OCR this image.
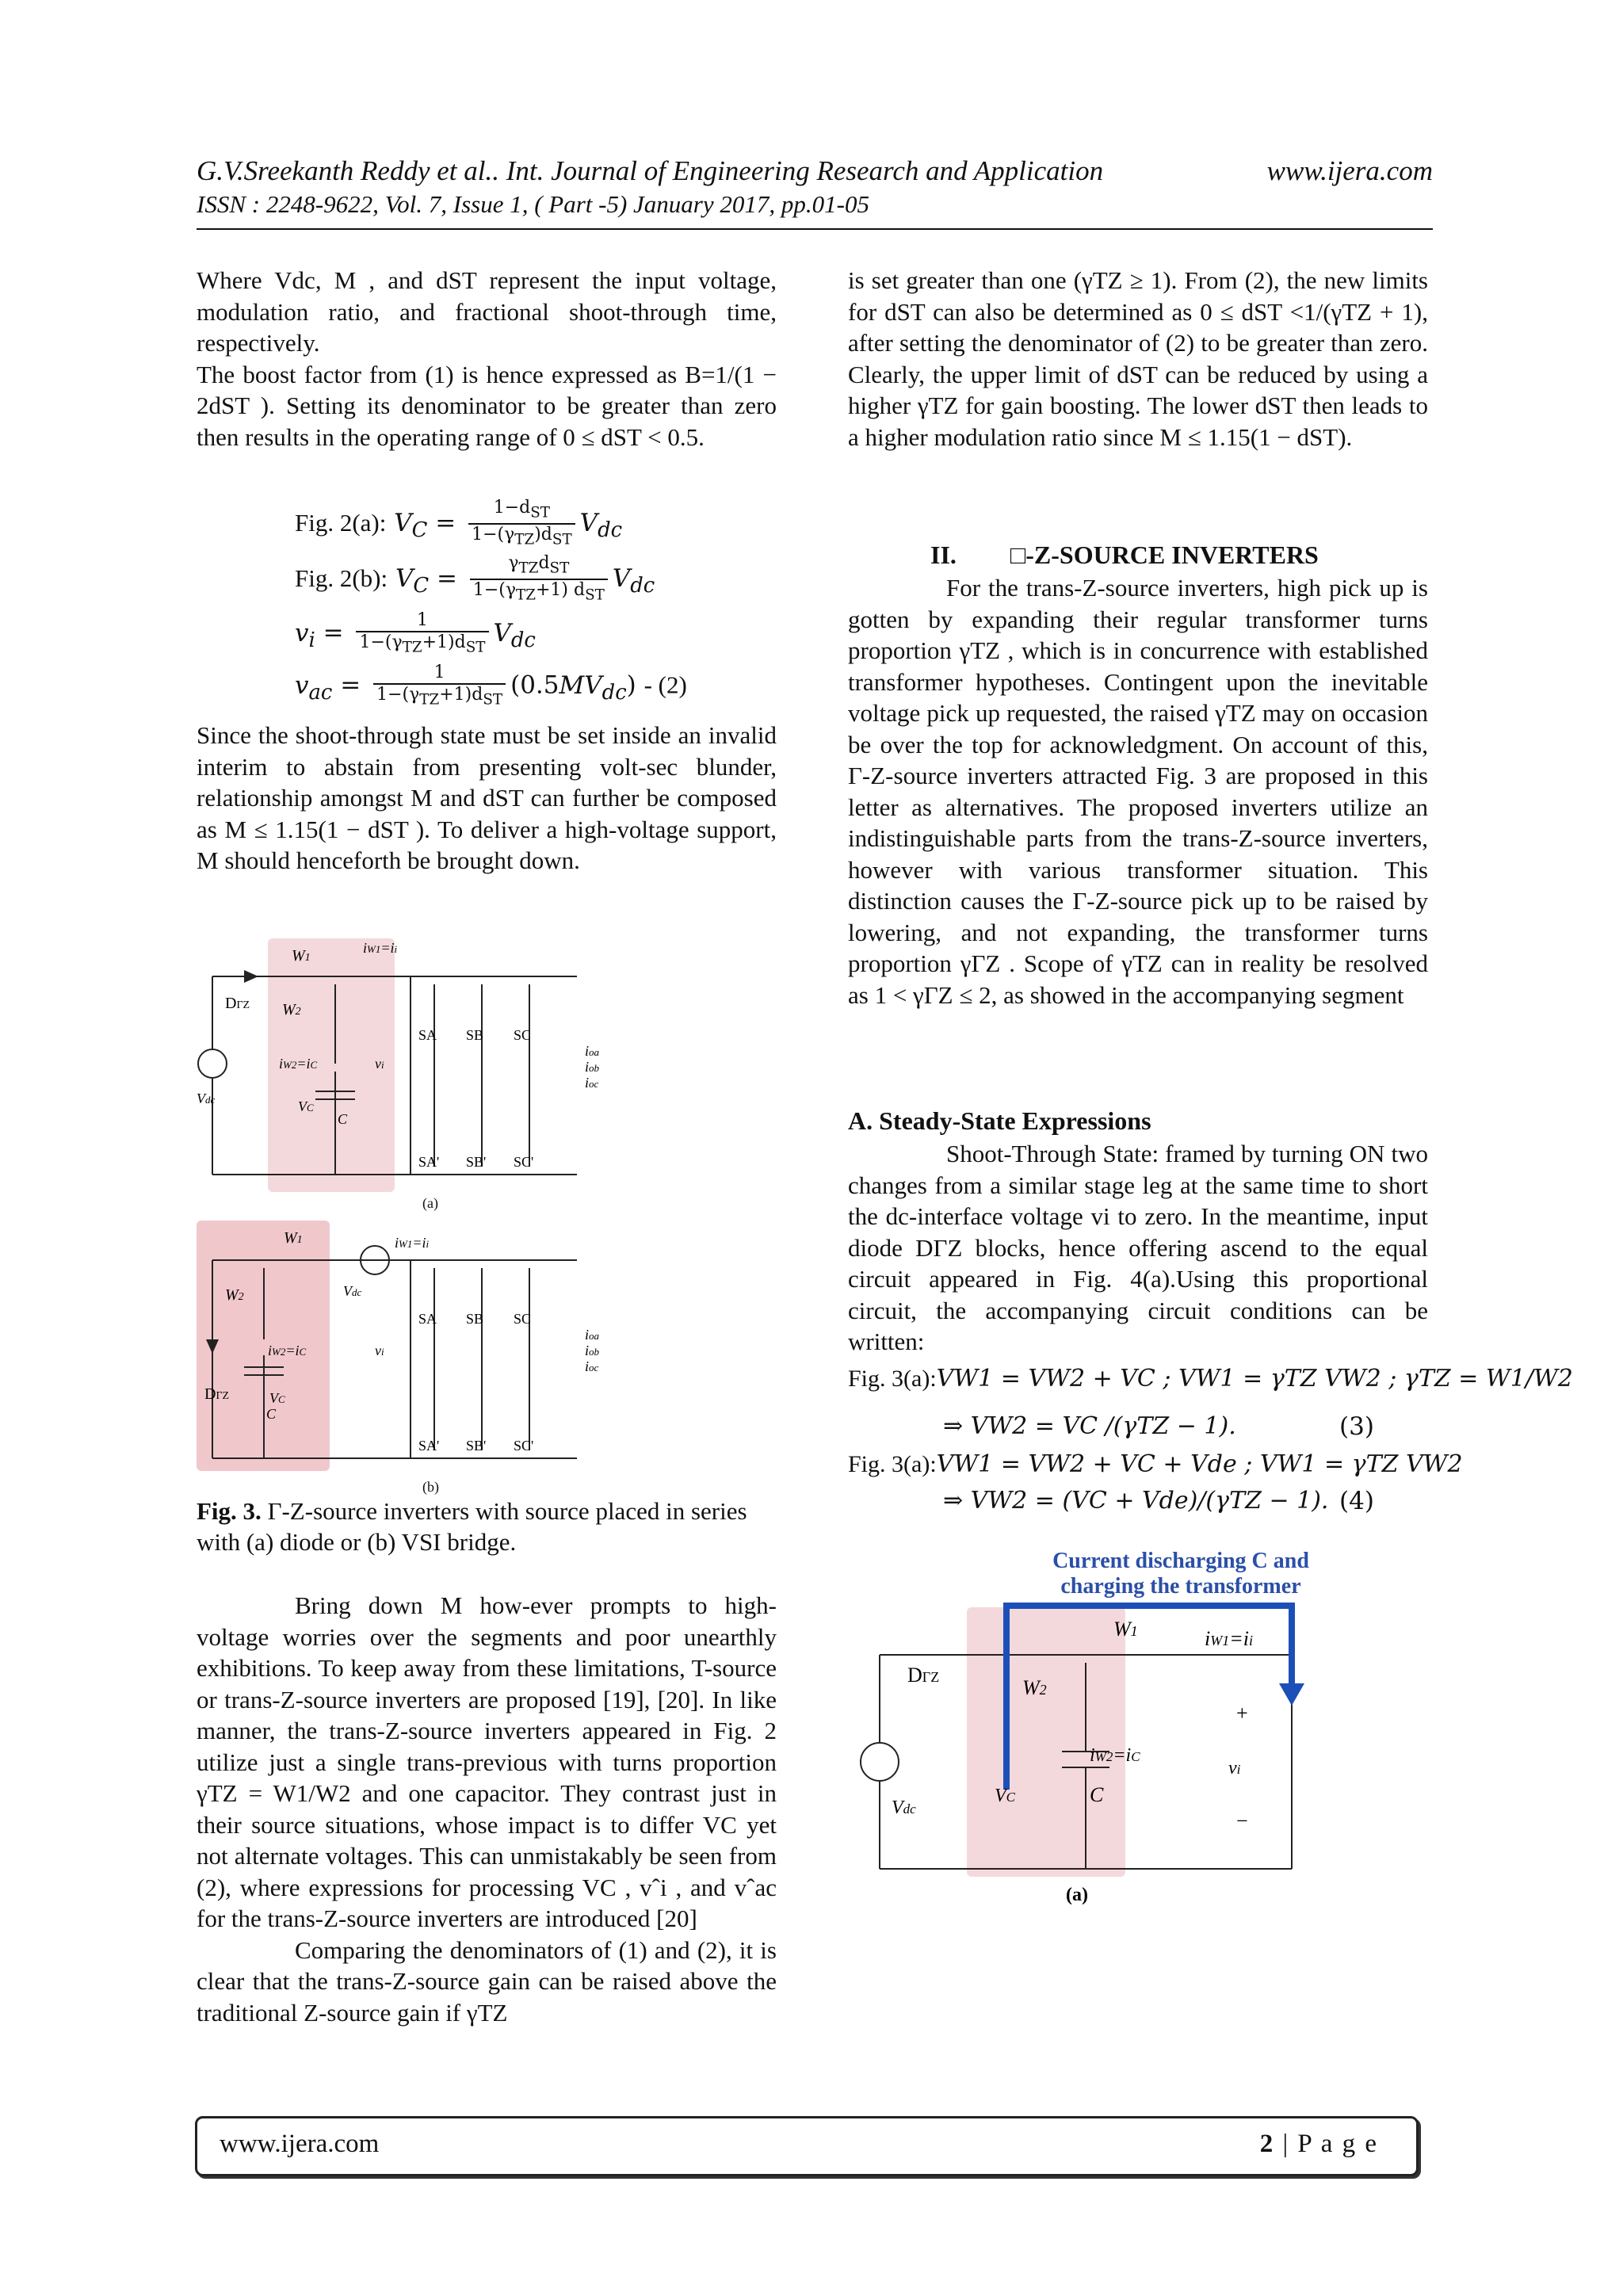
G.V.Sreekanth Reddy et al.. Int. Journal of Engineering Research and Application	www.ijera.com
ISSN : 2248-9622, Vol. 7, Issue 1, ( Part -5) January 2017, pp.01-05

Where Vdc, M , and dST represent the input voltage, modulation ratio, and fractional shoot-through time, respectively.

The boost factor from (1) is hence expressed as B=1/(1 − 2dST ). Setting its denominator to be greater than zero then results in the operating range of 0 ≤ dST < 0.5.

Fig. 2(a): $V_C = \frac{1-d_{ST}}{1-(\gamma_{TZ})d_{ST}} V_{dc}$
Fig. 2(b): $V_C = \frac{\gamma_{TZ}d_{ST}}{1-(\gamma_{TZ}+1) d_{ST}} V_{dc}$
$v_i = \frac{1}{1-(\gamma_{TZ}+1)d_{ST}} V_{dc}$
$v_{ac} = \frac{1}{1-(\gamma_{TZ}+1)d_{ST}} (0.5MV_{dc}) - (2)$

Since the shoot-through state must be set inside an invalid interim to abstain from presenting volt-sec blunder, relationship amongst M and dST can further be composed as M ≤ 1.15(1 − dST ). To deliver a high-voltage support, M should henceforth be brought down.

DΓZ
W1
W2
iW1=ii
SA SB SC
SA' SB' SC'
ioa
iob
ioc
Vdc	VC
C
iW2=iC	vi
(a)
DΓZ
W1
W2
iW1=ii
Vdc
SA SB SC
SA' SB' SC'
ioa
iob
ioc
iW2=iC
VC
C
vi
(b)
Fig. 3. Γ-Z-source inverters with source placed in series with (a) diode or (b) VSI bridge.

Bring down M how-ever prompts to high-voltage worries over the segments and poor unearthly exhibitions. To keep away from these limitations, T-source or trans-Z-source inverters are proposed [19], [20]. In like manner, the trans-Z-source inverters appeared in Fig. 2 utilize just a single trans-previous with turns proportion γTZ = W1/W2 and one capacitor. They contrast just in their source situations, whose impact is to differ VC yet not alternate voltages. This can unmistakably be seen from (2), where expressions for processing VC , vˆi , and vˆac for the trans-Z-source inverters are introduced [20]

Comparing the denominators of (1) and (2), it is clear that the trans-Z-source gain can be raised above the traditional Z-source gain if γTZ

is set greater than one (γTZ ≥ 1). From (2), the new limits for dST can also be determined as 0 ≤ dST <1/(γTZ + 1), after setting the denominator of (2) to be greater than zero. Clearly, the upper limit of dST can be reduced by using a higher γTZ for gain boosting. The lower dST then leads to a higher modulation ratio since M ≤ 1.15(1 − dST).

II. □-Z-SOURCE INVERTERS

For the trans-Z-source inverters, high pick up is gotten by expanding their regular transformer turns proportion γTZ , which is in concurrence with established transformer hypotheses. Contingent upon the inevitable voltage pick up requested, the raised γTZ may on occasion be over the top for acknowledgment. On account of this, Γ-Z-source inverters attracted Fig. 3 are proposed in this letter as alternatives. The proposed inverters utilize an indistinguishable parts from the trans-Z-source inverters, however with various transformer situation. This distinction causes the Γ-Z-source pick up to be raised by lowering, and not expanding, the transformer turns proportion γΓZ . Scope of γTZ can in reality be resolved as 1 < γΓZ ≤ 2, as showed in the accompanying segment

A. Steady-State Expressions

Shoot-Through State: framed by turning ON two changes from a similar stage leg at the same time to short the dc-interface voltage vi to zero. In the meantime, input diode DΓZ blocks, hence offering ascend to the equal circuit appeared in Fig. 4(a).Using this proportional circuit, the accompanying circuit conditions can be written:

Fig. 3(a):VW1 = VW2 + VC ; VW1 = γTZ VW2 ; γTZ = W1/W2
⇒ VW2 = VC /(γTZ − 1).	(3)
Fig. 3(a):VW1 = VW2 + VC + Vde ; VW1 = γTZ VW2
⇒ VW2 = (VC + Vde)/(γTZ − 1). (4)
Current discharging C and
charging the transformer
DΓZ
W1
W2
iW1=ii
iW2=iC
Vdc
VC	C
+
vi
−
(a)
www.ijera.com	2 | P a g e
